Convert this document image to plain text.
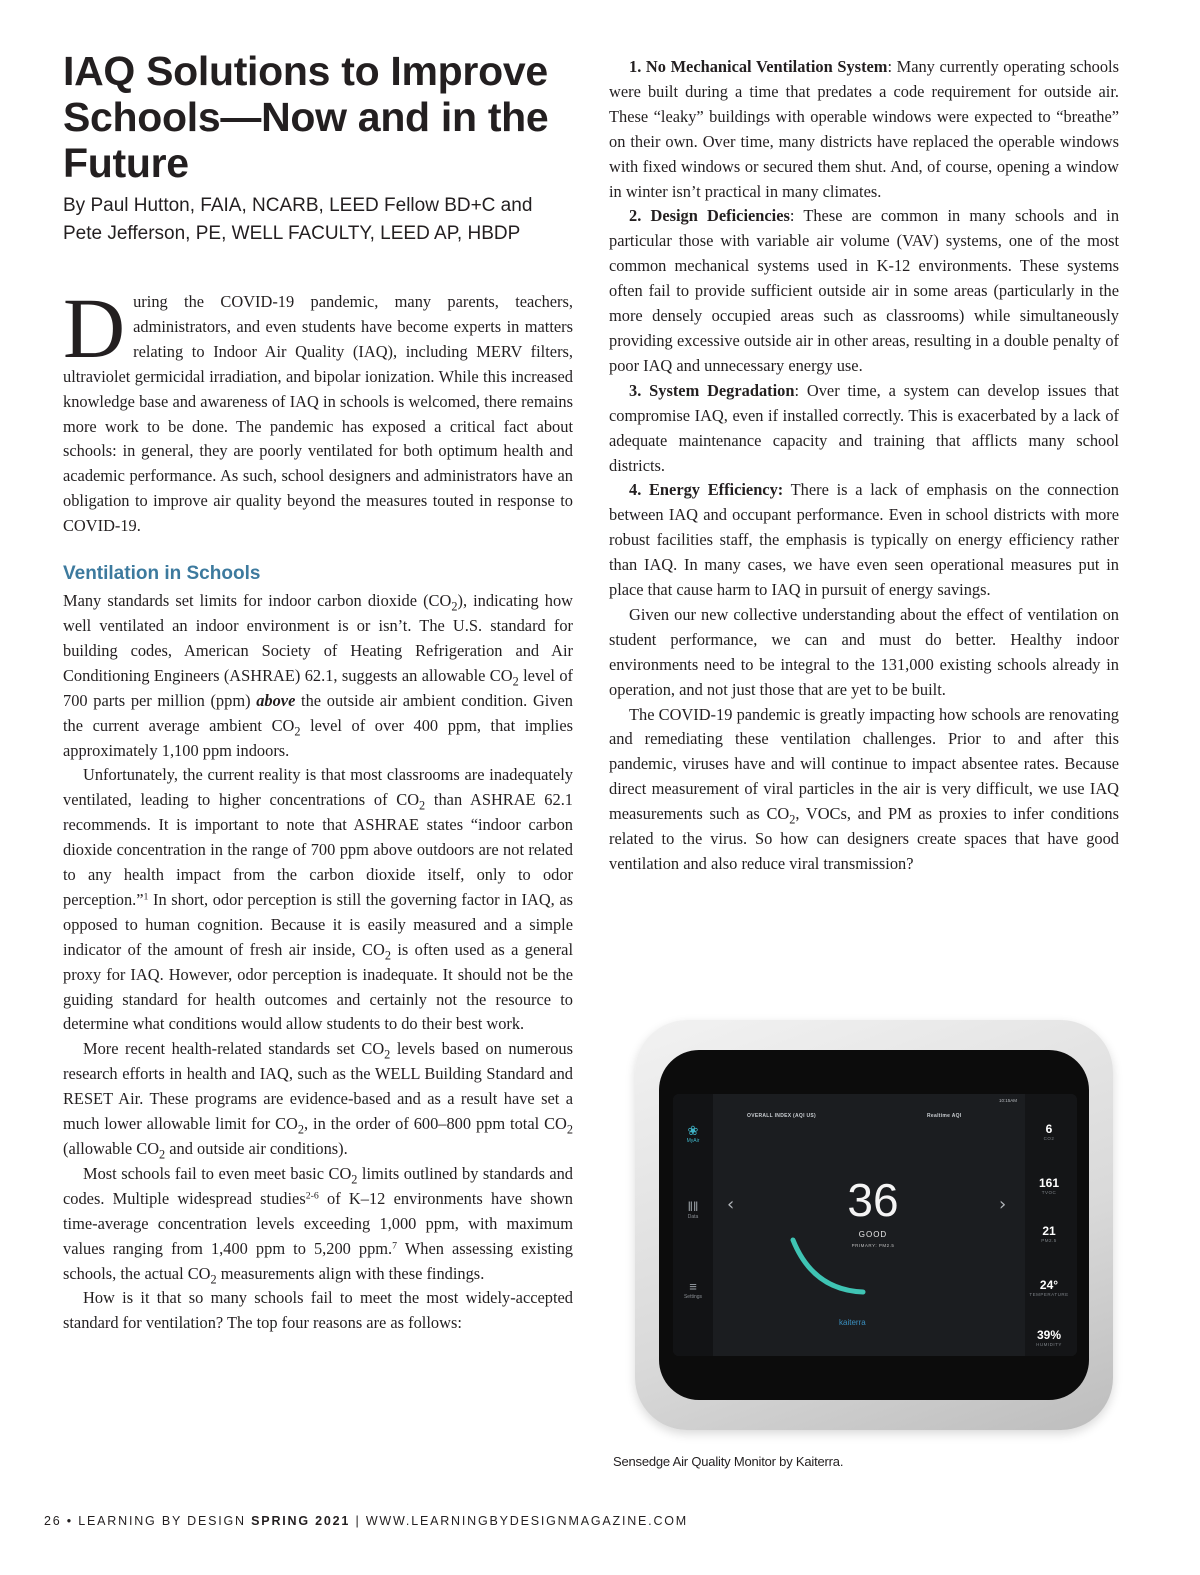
IAQ Solutions to Improve Schools—Now and in the Future

By Paul Hutton, FAIA, NCARB, LEED Fellow BD+C and
Pete Jefferson, PE, WELL FACULTY, LEED AP, HBDP

During the COVID-19 pandemic, many parents, teachers, administrators, and even students have become experts in matters relating to Indoor Air Quality (IAQ), including MERV filters, ultraviolet germicidal irradiation, and bipolar ionization. While this increased knowledge base and awareness of IAQ in schools is welcomed, there remains more work to be done. The pandemic has exposed a critical fact about schools: in general, they are poorly ventilated for both optimum health and academic performance. As such, school designers and administrators have an obligation to improve air quality beyond the measures touted in response to COVID-19.
Ventilation in Schools

Many standards set limits for indoor carbon dioxide $(CO_2)$, indicating how well ventilated an indoor environment is or isn’t. The U.S. standard for building codes, American Society of Heating Refrigeration and Air Conditioning Engineers (ASHRAE) 62.1, suggests an allowable $CO_2$ level of 700 parts per million (ppm) above the outside air ambient condition. Given the current average ambient $CO_2$ level of over 400 ppm, that implies approximately 1,100 ppm indoors.

Unfortunately, the current reality is that most classrooms are inadequately ventilated, leading to higher concentrations of $CO_2$ than ASHRAE 62.1 recommends. It is important to note that ASHRAE states “indoor carbon dioxide concentration in the range of 700 ppm above outdoors are not related to any health impact from the carbon dioxide itself, only to odor perception.”$^1$ In short, odor perception is still the governing factor in IAQ, as opposed to human cognition. Because it is easily measured and a simple indicator of the amount of fresh air inside, $CO_2$ is often used as a general proxy for IAQ. However, odor perception is inadequate. It should not be the guiding standard for health outcomes and certainly not the resource to determine what conditions would allow students to do their best work.

More recent health-related standards set $CO_2$ levels based on numerous research efforts in health and IAQ, such as the WELL Building Standard and RESET Air. These programs are evidence-based and as a result have set a much lower allowable limit for $CO_2$, in the order of 600–800 ppm total $CO_2$ (allowable $CO_2$ and outside air conditions).

Most schools fail to even meet basic $CO_2$ limits outlined by standards and codes. Multiple widespread studies$^{2-6}$ of K–12 environments have shown time-average concentration levels exceeding 1,000 ppm, with maximum values ranging from 1,400 ppm to 5,200 ppm.$^7$ When assessing existing schools, the actual $CO_2$ measurements align with these findings.

How is it that so many schools fail to meet the most widely-accepted standard for ventilation? The top four reasons are as follows:

1. No Mechanical Ventilation System: Many currently operating schools were built during a time that predates a code requirement for outside air. These “leaky” buildings with operable windows were expected to “breathe” on their own. Over time, many districts have replaced the operable windows with fixed windows or secured them shut. And, of course, opening a window in winter isn’t practical in many climates.

2. Design Deficiencies: These are common in many schools and in particular those with variable air volume (VAV) systems, one of the most common mechanical systems used in K-12 environments. These systems often fail to provide sufficient outside air in some areas (particularly in the more densely occupied areas such as classrooms) while simultaneously providing excessive outside air in other areas, resulting in a double penalty of poor IAQ and unnecessary energy use.

3. System Degradation: Over time, a system can develop issues that compromise IAQ, even if installed correctly. This is exacerbated by a lack of adequate maintenance capacity and training that afflicts many school districts.

4. Energy Efficiency: There is a lack of emphasis on the connection between IAQ and occupant performance. Even in school districts with more robust facilities staff, the emphasis is typically on energy efficiency rather than IAQ. In many cases, we have even seen operational measures put in place that cause harm to IAQ in pursuit of energy savings.

Given our new collective understanding about the effect of ventilation on student performance, we can and must do better. Healthy indoor environments need to be integral to the 131,000 existing schools already in operation, and not just those that are yet to be built.

The COVID-19 pandemic is greatly impacting how schools are renovating and remediating these ventilation challenges. Prior to and after this pandemic, viruses have and will continue to impact absentee rates. Because direct measurement of viral particles in the air is very difficult, we use IAQ measurements such as $CO_2$, VOCs, and PM as proxies to infer conditions related to the virus. So how can designers create spaces that have good ventilation and also reduce viral transmission?

❀
MyAir
‖‖
Data
≡
Settings
10:15AM
OVERALL INDEX (AQI US)	Realtime AQI
‹	›
36
GOOD
PRIMARY: PM2.5
kaiterra
6
CO2
161
TVOC
21
PM2.5
24°
TEMPERATURE
39%
HUMIDITY
Sensedge Air Quality Monitor by Kaiterra.
26 • LEARNING BY DESIGN SPRING 2021 | WWW.LEARNINGBYDESIGNMAGAZINE.COM
